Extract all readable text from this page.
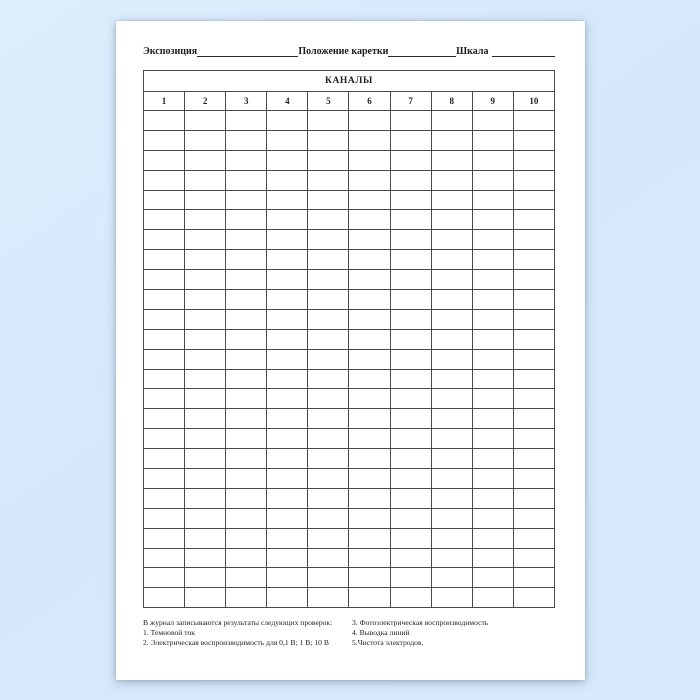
Экспозиция	Положение каретки	Шкала
КАНАЛЫ									
1	2	3	4	5	6	7	8	9	10

В журнал записываются результаты следующих проверок:
1. Темновой ток
2. Электрическая воспроизводимость для 0,1 В; 1 В; 10 В
3. Фотоэлектрическая воспроизводимость
4. Выводка линий
5.Чистота электродов.
